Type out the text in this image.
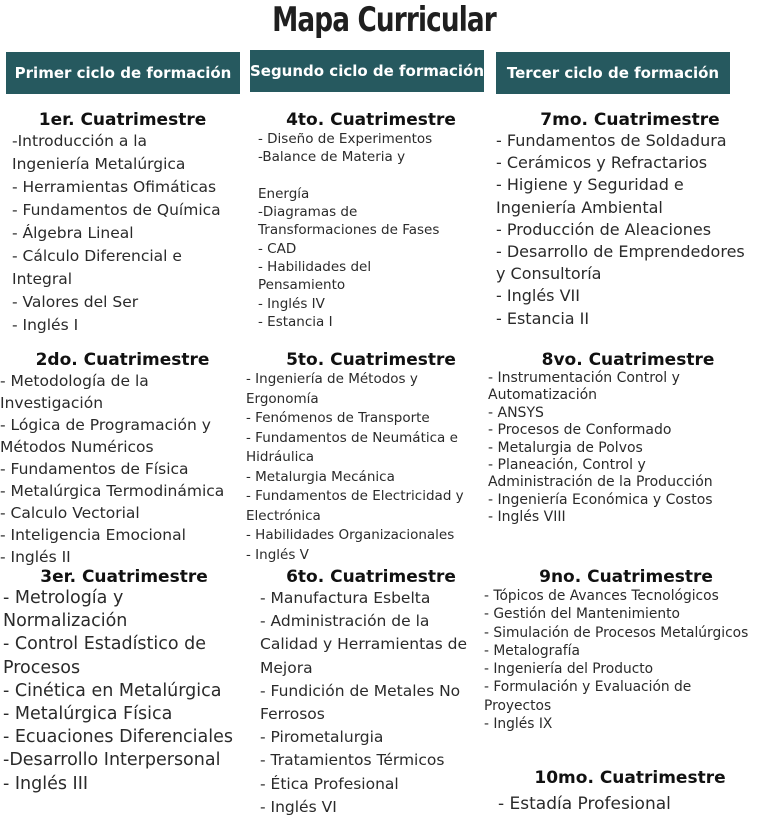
Mapa Curricular
Primer ciclo de formación	Segundo ciclo de formación	Tercer ciclo de formación
1er. Cuatrimestre
-Introducción a la
Ingeniería Metalúrgica
- Herramientas Ofimáticas
- Fundamentos de Química
- Álgebra Lineal
- Cálculo Diferencial e
Integral
- Valores del Ser
- Inglés I
2do. Cuatrimestre
- Metodología de la
Investigación
- Lógica de Programación y
Métodos Numéricos
- Fundamentos de Física
- Metalúrgica Termodinámica
- Calculo Vectorial
- Inteligencia Emocional
- Inglés II
3er. Cuatrimestre
- Metrología y
Normalización
- Control Estadístico de
Procesos
- Cinética en Metalúrgica
- Metalúrgica Física
- Ecuaciones Diferenciales
-Desarrollo Interpersonal
- Inglés III
4to. Cuatrimestre
- Diseño de Experimentos
-Balance de Materia y

Energía
-Diagramas de
Transformaciones de Fases
- CAD
- Habilidades del
Pensamiento
- Inglés IV
- Estancia I
5to. Cuatrimestre
- Ingeniería de Métodos y
Ergonomía
- Fenómenos de Transporte
- Fundamentos de Neumática e
Hidráulica
- Metalurgia Mecánica
- Fundamentos de Electricidad y
Electrónica
- Habilidades Organizacionales
- Inglés V
6to. Cuatrimestre
- Manufactura Esbelta
- Administración de la
Calidad y Herramientas de
Mejora
- Fundición de Metales No
Ferrosos
- Pirometalurgia
- Tratamientos Térmicos
- Ética Profesional
- Inglés VI
7mo. Cuatrimestre
- Fundamentos de Soldadura
- Cerámicos y Refractarios
- Higiene y Seguridad e
Ingeniería Ambiental
- Producción de Aleaciones
- Desarrollo de Emprendedores
y Consultoría
- Inglés VII
- Estancia II
8vo. Cuatrimestre
- Instrumentación Control y
Automatización
- ANSYS
- Procesos de Conformado
- Metalurgia de Polvos
- Planeación, Control y
Administración de la Producción
- Ingeniería Económica y Costos
- Inglés VIII
9no. Cuatrimestre
- Tópicos de Avances Tecnológicos
- Gestión del Mantenimiento
- Simulación de Procesos Metalúrgicos
- Metalografía
- Ingeniería del Producto
- Formulación y Evaluación de
Proyectos
- Inglés IX
10mo. Cuatrimestre
- Estadía Profesional
